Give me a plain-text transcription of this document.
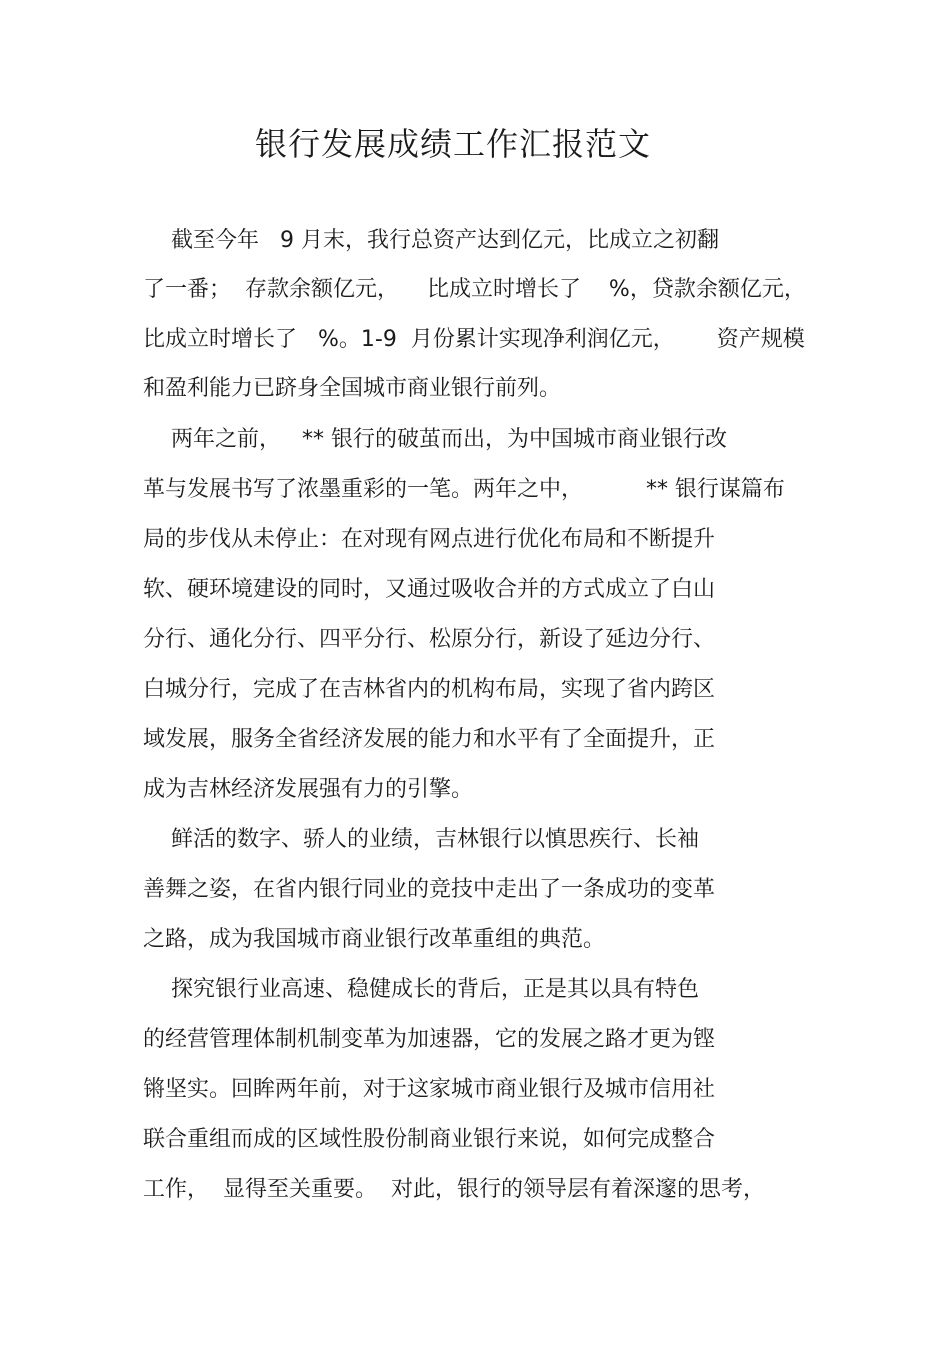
银行发展成绩工作汇报范文
截至今年   9 月末，我行总资产达到亿元，比成立之初翻
了一番；  存款余额亿元，    比成立时增长了    %，贷款余额亿元，
比成立时增长了   %。1-9  月份累计实现净利润亿元，      资产规模
和盈利能力已跻身全国城市商业银行前列。
两年之前，   ** 银行的破茧而出，为中国城市商业银行改
革与发展书写了浓墨重彩的一笔。两年之中，         ** 银行谋篇布
局的步伐从未停止：在对现有网点进行优化布局和不断提升
软、硬环境建设的同时，又通过吸收合并的方式成立了白山
分行、通化分行、四平分行、松原分行，新设了延边分行、
白城分行，完成了在吉林省内的机构布局，实现了省内跨区
域发展，服务全省经济发展的能力和水平有了全面提升，正
成为吉林经济发展强有力的引擎。
鲜活的数字、骄人的业绩，吉林银行以慎思疾行、长袖
善舞之姿，在省内银行同业的竞技中走出了一条成功的变革
之路，成为我国城市商业银行改革重组的典范。
探究银行业高速、稳健成长的背后，正是其以具有特色
的经营管理体制机制变革为加速器，它的发展之路才更为铿
锵坚实。回眸两年前，对于这家城市商业银行及城市信用社
联合重组而成的区域性股份制商业银行来说，如何完成整合
工作，  显得至关重要。  对此，银行的领导层有着深邃的思考，
